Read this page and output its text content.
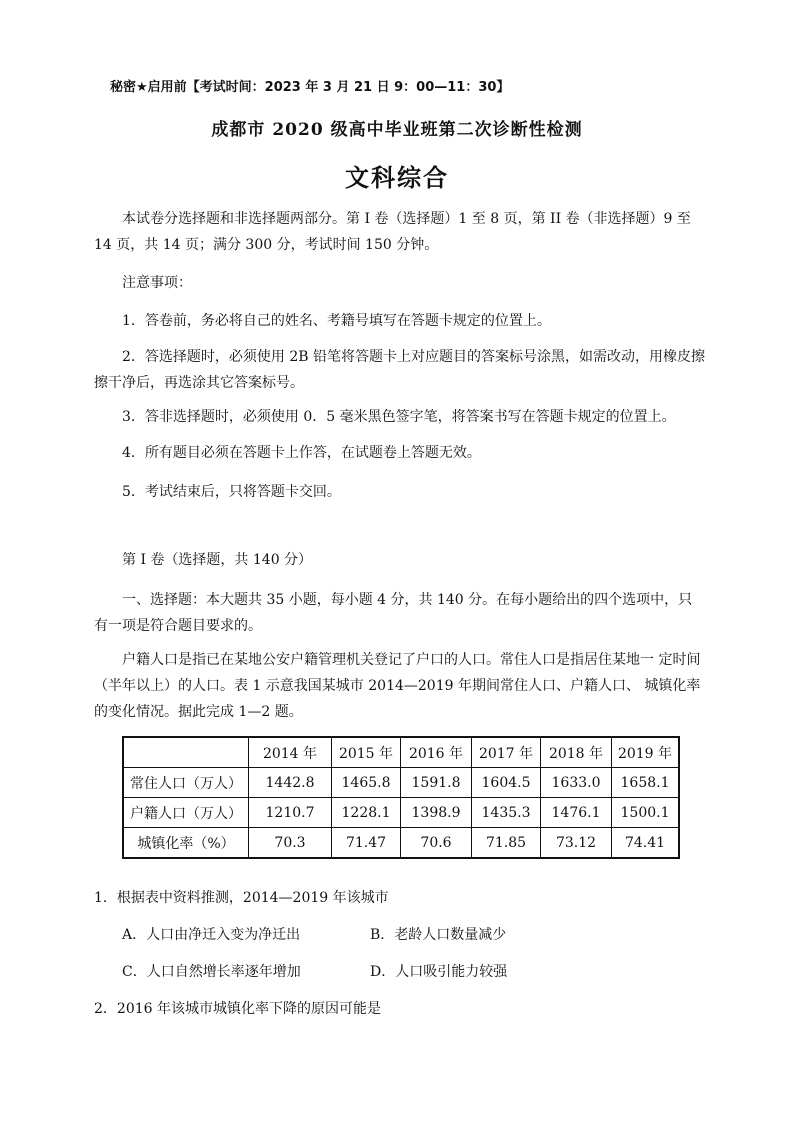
秘密★启用前【考试时间：2023 年 3 月 21 日 9：00—11：30】
成都市 2020 级高中毕业班第二次诊断性检测
文科综合
本试卷分选择题和非选择题两部分。第 I 卷（选择题）1 至 8 页，第 II 卷（非选择题）9 至 14 页，共 14 页；满分 300 分，考试时间 150 分钟。
注意事项：
1．答卷前，务必将自己的姓名、考籍号填写在答题卡规定的位置上。
2．答选择题时，必须使用 2B 铅笔将答题卡上对应题目的答案标号涂黑，如需改动，用橡皮擦擦干净后，再选涂其它答案标号。
3．答非选择题时，必须使用 0．5 毫米黑色签字笔，将答案书写在答题卡规定的位置上。
4．所有题目必须在答题卡上作答，在试题卷上答题无效。
5．考试结束后，只将答题卡交回。
第 I 卷（选择题，共 140 分）
一、选择题：本大题共 35 小题，每小题 4 分，共 140 分。在每小题给出的四个选项中，只 有一项是符合题目要求的。
户籍人口是指已在某地公安户籍管理机关登记了户口的人口。常住人口是指居住某地一 定时间（半年以上）的人口。表 1 示意我国某城市 2014—2019 年期间常住人口、户籍人口、 城镇化率的变化情况。据此完成 1—2 题。
	2014 年	2015 年	2016 年	2017 年	2018 年	2019 年
常住人口（万人）	1442.8	1465.8	1591.8	1604.5	1633.0	1658.1
户籍人口（万人）	1210.7	1228.1	1398.9	1435.3	1476.1	1500.1
城镇化率（%）	70.3	71.47	70.6	71.85	73.12	74.41
1．根据表中资料推测，2014—2019 年该城市
A．人口由净迁入变为净迁出	B．老龄人口数量减少
C．人口自然增长率逐年增加	D．人口吸引能力较强
2．2016 年该城市城镇化率下降的原因可能是
